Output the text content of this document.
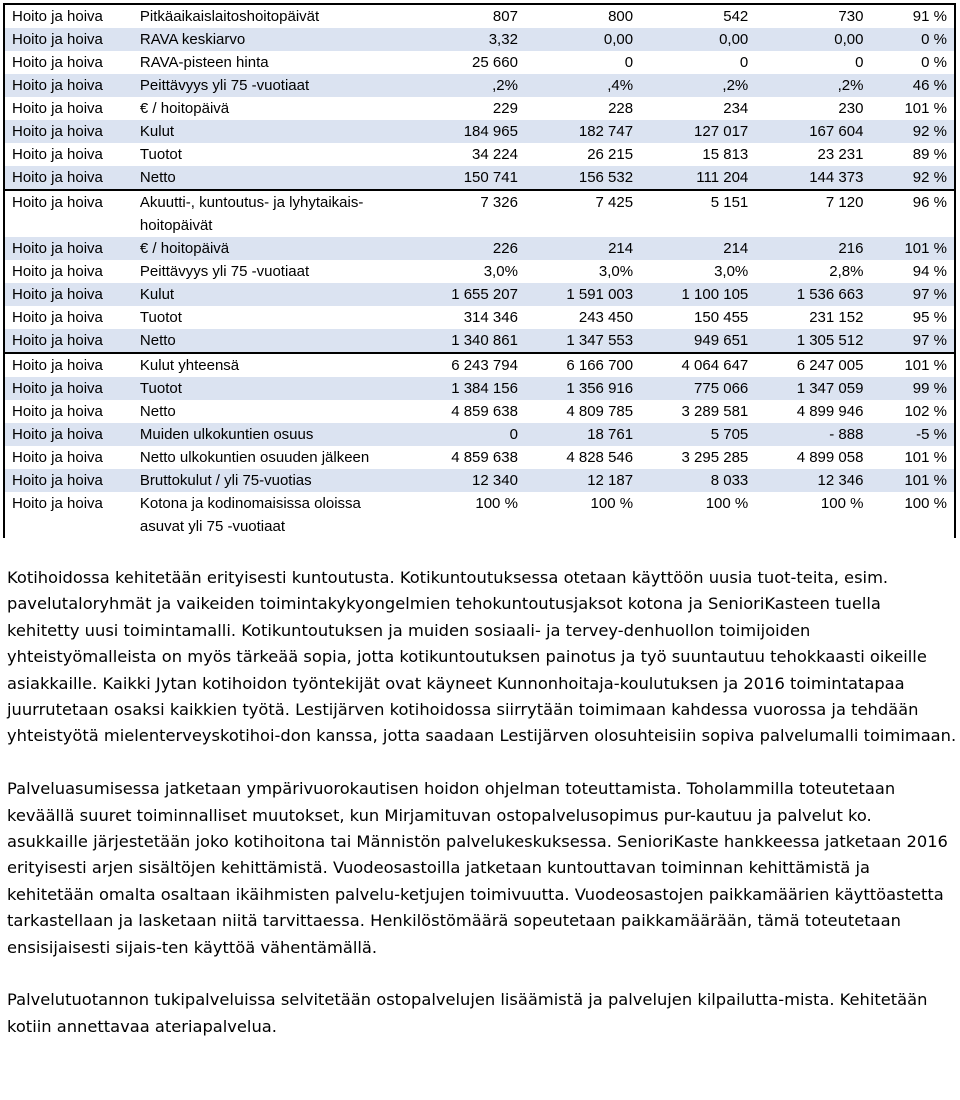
Hoito ja hoiva	Pitkäaikaislaitoshoitopäivät	807	800	542	730	91 %
Hoito ja hoiva	RAVA keskiarvo	3,32	0,00	0,00	0,00	0 %
Hoito ja hoiva	RAVA-pisteen hinta	25 660	0	0	0	0 %
Hoito ja hoiva	Peittävyys yli 75 -vuotiaat	,2%	,4%	,2%	,2%	46 %
Hoito ja hoiva	€ / hoitopäivä	229	228	234	230	101 %
Hoito ja hoiva	Kulut	184 965	182 747	127 017	167 604	92 %
Hoito ja hoiva	Tuotot	34 224	26 215	15 813	23 231	89 %
Hoito ja hoiva	Netto	150 741	156 532	111 204	144 373	92 %
Hoito ja hoiva	Akuutti-, kuntoutus- ja lyhytaikais-hoitopäivät	7 326	7 425	5 151	7 120	96 %
Hoito ja hoiva	€ / hoitopäivä	226	214	214	216	101 %
Hoito ja hoiva	Peittävyys yli 75 -vuotiaat	3,0%	3,0%	3,0%	2,8%	94 %
Hoito ja hoiva	Kulut	1 655 207	1 591 003	1 100 105	1 536 663	97 %
Hoito ja hoiva	Tuotot	314 346	243 450	150 455	231 152	95 %
Hoito ja hoiva	Netto	1 340 861	1 347 553	949 651	1 305 512	97 %
Hoito ja hoiva	Kulut yhteensä	6 243 794	6 166 700	4 064 647	6 247 005	101 %
Hoito ja hoiva	Tuotot	1 384 156	1 356 916	775 066	1 347 059	99 %
Hoito ja hoiva	Netto	4 859 638	4 809 785	3 289 581	4 899 946	102 %
Hoito ja hoiva	Muiden ulkokuntien osuus	0	18 761	5 705	- 888	-5 %
Hoito ja hoiva	Netto ulkokuntien osuuden jälkeen	4 859 638	4 828 546	3 295 285	4 899 058	101 %
Hoito ja hoiva	Bruttokulut / yli 75-vuotias	12 340	12 187	8 033	12 346	101 %
Hoito ja hoiva	Kotona ja kodinomaisissa oloissa asuvat yli 75 -vuotiaat	100 %	100 %	100 %	100 %	100 %

Kotihoidossa kehitetään erityisesti kuntoutusta. Kotikuntoutuksessa otetaan käyttöön uusia tuot-teita, esim. pavelutaloryhmät ja vaikeiden toimintakykyongelmien tehokuntoutusjaksot kotona ja SenioriKasteen tuella kehitetty uusi toimintamalli. Kotikuntoutuksen ja muiden sosiaali- ja tervey-denhuollon toimijoiden yhteistyömalleista on myös tärkeää sopia, jotta kotikuntoutuksen painotus ja työ suuntautuu tehokkaasti oikeille asiakkaille. Kaikki Jytan kotihoidon työntekijät ovat käyneet Kunnonhoitaja-koulutuksen ja 2016 toimintatapaa juurrutetaan osaksi kaikkien työtä. Lestijärven kotihoidossa siirrytään toimimaan kahdessa vuorossa ja tehdään yhteistyötä mielenterveyskotihoi-don kanssa, jotta saadaan Lestijärven olosuhteisiin sopiva palvelumalli toimimaan.

Palveluasumisessa jatketaan ympärivuorokautisen hoidon ohjelman toteuttamista. Toholammilla toteutetaan keväällä suuret toiminnalliset muutokset, kun Mirjamituvan ostopalvelusopimus pur-kautuu ja palvelut ko. asukkaille järjestetään joko kotihoitona tai Männistön palvelukeskuksessa. SenioriKaste hankkeessa jatketaan 2016 erityisesti arjen sisältöjen kehittämistä. Vuodeosastoilla jatketaan kuntouttavan toiminnan kehittämistä ja kehitetään omalta osaltaan ikäihmisten palvelu-ketjujen toimivuutta. Vuodeosastojen paikkamäärien käyttöastetta tarkastellaan ja lasketaan niitä tarvittaessa. Henkilöstömäärä sopeutetaan paikkamäärään, tämä toteutetaan ensisijaisesti sijais-ten käyttöä vähentämällä.

Palvelutuotannon tukipalveluissa selvitetään ostopalvelujen lisäämistä ja palvelujen kilpailutta-mista. Kehitetään kotiin annettavaa ateriapalvelua.
